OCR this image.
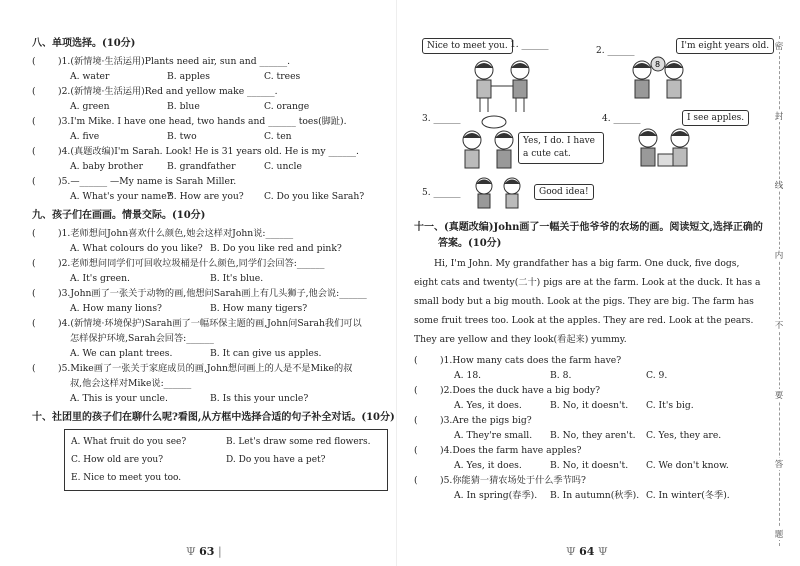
八、单项选择。(10分)
( )1.(新情境·生活运用)Plants need air, sun and ______.
A. water	B. apples	C. trees
( )2.(新情境·生活运用)Red and yellow make ______.
A. green	B. blue	C. orange
( )3.I'm Mike. I have one head, two hands and ______ toes(脚趾).
A. five	B. two	C. ten
( )4.(真题改编)I'm Sarah. Look! He is 31 years old. He is my ______.
A. baby brother	B. grandfather	C. uncle
( )5.—______ —My name is Sarah Miller.
A. What's your name?
B. How are you?	C. Do you like Sarah?
九、孩子们在画画。情景交际。(10分)
( )1.老师想问John喜欢什么颜色,她会这样对John说:______
A. What colours do you like? B. Do you like red and pink?
( )2.老师想问同学们可回收垃圾桶是什么颜色,同学们会回答:______
A. It's green.	B. It's blue.
( )3.John画了一张关于动物的画,他想问Sarah画上有几头狮子,他会说:______
A. How many lions?	B. How many tigers?
( )4.(新情境·环境保护)Sarah画了一幅环保主题的画,John问Sarah我们可以
怎样保护环境,Sarah会回答:______
A. We can plant trees.	B. It can give us apples.
( )5.Mike画了一张关于家庭成员的画,John想问画上的人是不是Mike的叔
叔,他会这样对Mike说:______
A. This is your uncle.	B. Is this your uncle?
十、社团里的孩子们在聊什么呢?看图,从方框中选择合适的句子补全对话。(10分)
A. What fruit do you see?	B. Let's draw some red flowers.
C. How old are you?	D. Do you have a pet?
E. Nice to meet you too.
Ψ 63 |
Nice to meet you. 1. ______
2. ______	I'm eight years old.
8
3. ______
Yes, I do. I have a cute cat.
4. ______	I see apples.
5. ______	Good idea!
十一、(真题改编)John画了一幅关于他爷爷的农场的画。阅读短文,选择正确的
答案。(10分)
Hi, I'm John. My grandfather has a big farm. One duck, five dogs, eight cats and twenty(二十) pigs are at the farm. Look at the duck. It has a small body but a big mouth. Look at the pigs. They are big. The farm has some fruit trees too. Look at the apples. They are red. Look at the pears. They are yellow and they look(看起来) yummy.
( )1.How many cats does the farm have?
A. 18.	B. 8.	C. 9.
( )2.Does the duck have a big body?
A. Yes, it does.	B. No, it doesn't.	C. It's big.
( )3.Are the pigs big?
A. They're small.	B. No, they aren't.	C. Yes, they are.
( )4.Does the farm have apples?
A. Yes, it does.	B. No, it doesn't.	C. We don't know.
( )5.你能猜一猜农场处于什么季节吗?
A. In spring(春季).	B. In autumn(秋季). C. In winter(冬季).
Ψ 64 Ψ
密
封
线
内
不
要
答
题
